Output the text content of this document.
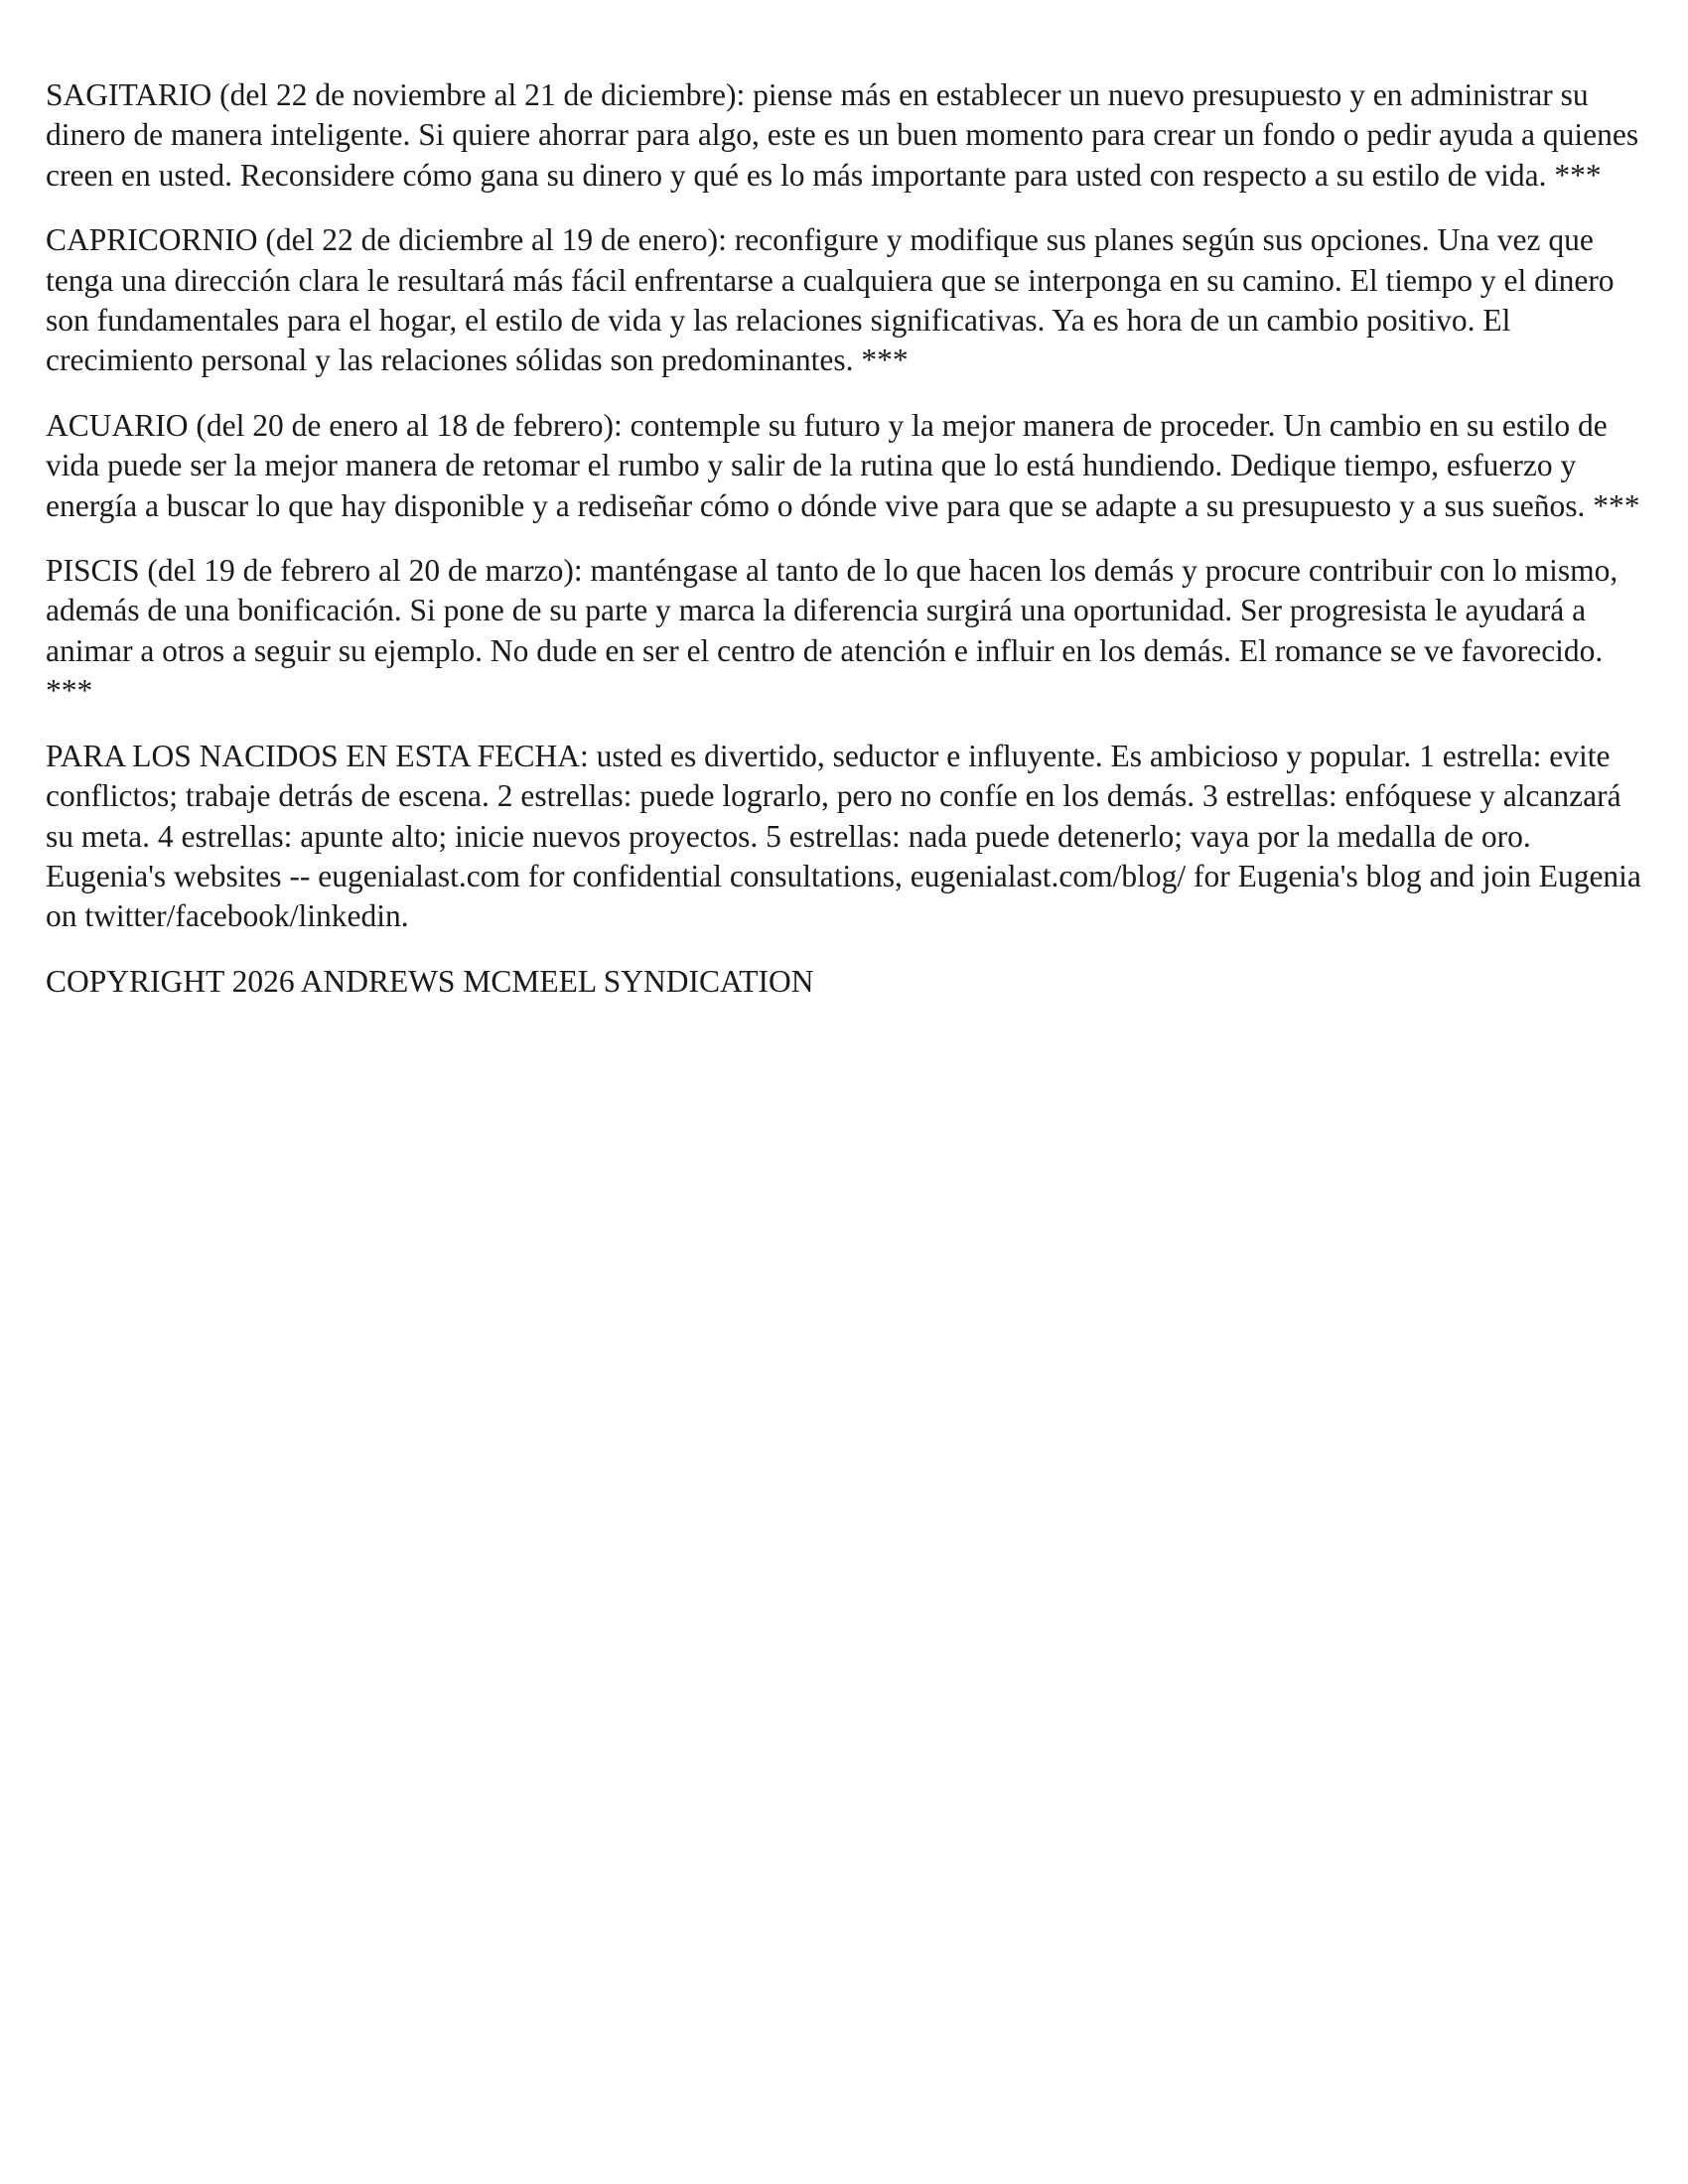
SAGITARIO (del 22 de noviembre al 21 de diciembre): piense más en establecer un nuevo presupuesto y en administrar su dinero de manera inteligente. Si quiere ahorrar para algo, este es un buen momento para crear un fondo o pedir ayuda a quienes creen en usted. Reconsidere cómo gana su dinero y qué es lo más importante para usted con respecto a su estilo de vida. ***

CAPRICORNIO (del 22 de diciembre al 19 de enero): reconfigure y modifique sus planes según sus opciones. Una vez que tenga una dirección clara le resultará más fácil enfrentarse a cualquiera que se interponga en su camino. El tiempo y el dinero son fundamentales para el hogar, el estilo de vida y las relaciones significativas. Ya es hora de un cambio positivo. El crecimiento personal y las relaciones sólidas son predominantes. ***

ACUARIO (del 20 de enero al 18 de febrero): contemple su futuro y la mejor manera de proceder. Un cambio en su estilo de vida puede ser la mejor manera de retomar el rumbo y salir de la rutina que lo está hundiendo. Dedique tiempo, esfuerzo y energía a buscar lo que hay disponible y a rediseñar cómo o dónde vive para que se adapte a su presupuesto y a sus sueños. ***

PISCIS (del 19 de febrero al 20 de marzo): manténgase al tanto de lo que hacen los demás y procure contribuir con lo mismo, además de una bonificación. Si pone de su parte y marca la diferencia surgirá una oportunidad. Ser progresista le ayudará a animar a otros a seguir su ejemplo. No dude en ser el centro de atención e influir en los demás. El romance se ve favorecido. ***

PARA LOS NACIDOS EN ESTA FECHA: usted es divertido, seductor e influyente. Es ambicioso y popular. 1 estrella: evite conflictos; trabaje detrás de escena. 2 estrellas: puede lograrlo, pero no confíe en los demás. 3 estrellas: enfóquese y alcanzará su meta. 4 estrellas: apunte alto; inicie nuevos proyectos. 5 estrellas: nada puede detenerlo; vaya por la medalla de oro. Eugenia's websites -- eugenialast.com for confidential consultations, eugenialast.com/blog/ for Eugenia's blog and join Eugenia on twitter/facebook/linkedin.

COPYRIGHT 2026 ANDREWS MCMEEL SYNDICATION
